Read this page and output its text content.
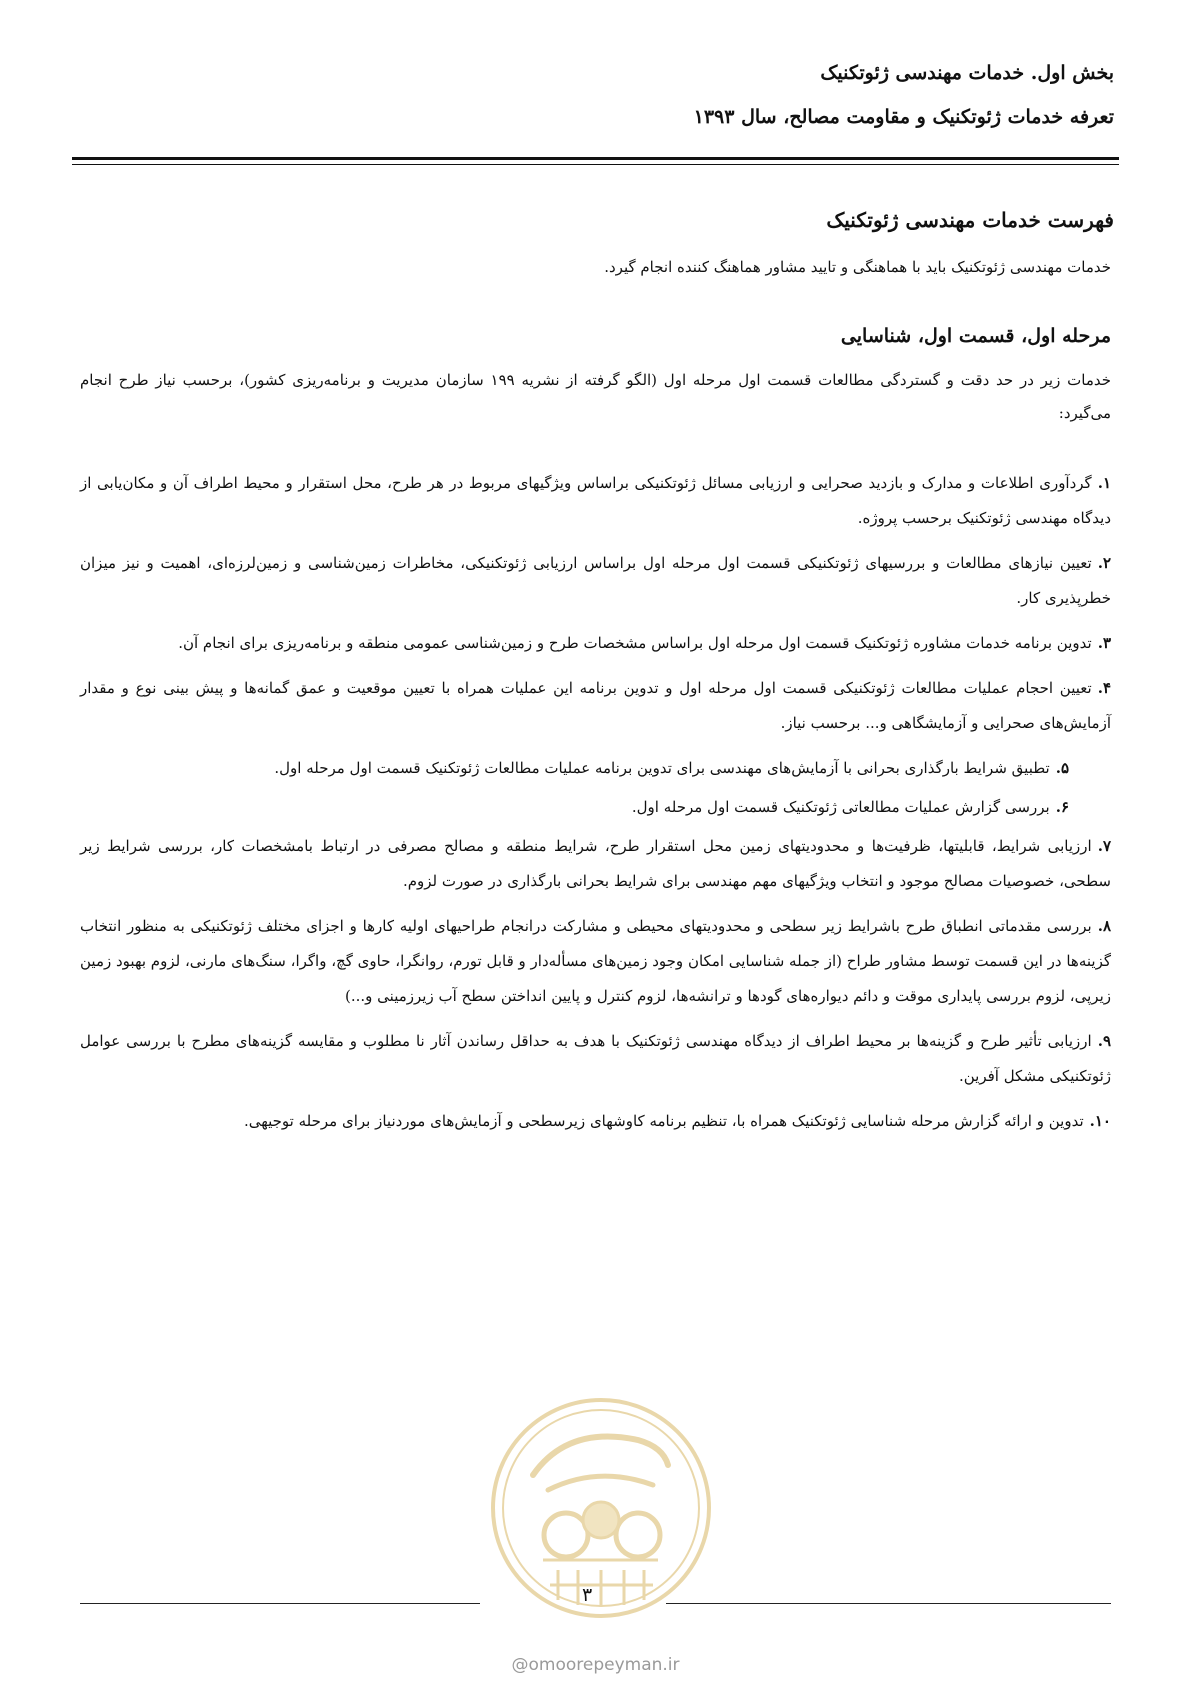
بخش اول. خدمات مهندسی ژئوتکنیک
تعرفه خدمات ژئوتکنیک و مقاومت مصالح، سال ۱۳۹۳
فهرست خدمات مهندسی ژئوتکنیک
خدمات مهندسی ژئوتکنیک باید با هماهنگی و تایید مشاور هماهنگ کننده انجام گیرد.
مرحله اول، قسمت اول، شناسایی
خدمات زیر در حد دقت و گستردگی مطالعات قسمت اول مرحله اول (الگو گرفته از نشریه ۱۹۹ سازمان مدیریت و برنامه‌ریزی کشور)، برحسب نیاز طرح انجام می‌گیرد:
۱.گردآوری اطلاعات و مدارک و بازدید صحرایی و ارزیابی مسائل ژئوتکنیکی براساس ویژگیهای مربوط در هر طرح، محل استقرار و محیط اطراف آن و مکان‌یابی از دیدگاه مهندسی ژئوتکنیک برحسب پروژه.
۲.تعیین نیازهای مطالعات و بررسیهای ژئوتکنیکی قسمت اول مرحله اول براساس ارزیابی ژئوتکنیکی، مخاطرات زمین‌شناسی و زمین‌لرزه‌ای، اهمیت و نیز میزان خطرپذیری کار.
۳.تدوین برنامه خدمات مشاوره ژئوتکنیک قسمت اول مرحله اول براساس مشخصات طرح و زمین‌شناسی عمومی منطقه و برنامه‌ریزی برای انجام آن.
۴.تعیین احجام عملیات مطالعات ژئوتکنیکی قسمت اول مرحله اول و تدوین برنامه این عملیات همراه با تعیین موقعیت و عمق گمانه‌ها و پیش بینی نوع و مقدار آزمایش‌های صحرایی و آزمایشگاهی و... برحسب نیاز.
۵.تطبیق شرایط بارگذاری بحرانی با آزمایش‌های مهندسی برای تدوین برنامه عملیات مطالعات ژئوتکنیک قسمت اول مرحله اول.
۶.بررسی گزارش عملیات مطالعاتی ژئوتکنیک قسمت اول مرحله اول.
۷.ارزیابی شرایط، قابلیتها، ظرفیت‌ها و محدودیتهای زمین محل استقرار طرح، شرایط منطقه و مصالح مصرفی در ارتباط بامشخصات کار، بررسی شرایط زیر سطحی، خصوصیات مصالح موجود و انتخاب ویژگیهای مهم مهندسی برای شرایط بحرانی بارگذاری در صورت لزوم.
۸.بررسی مقدماتی انطباق طرح باشرایط زیر سطحی و محدودیتهای محیطی و مشارکت درانجام طراحیهای اولیه کارها و اجزای مختلف ژئوتکنیکی به منظور انتخاب گزینه‌ها در این قسمت توسط مشاور طراح (از جمله شناسایی امکان وجود زمین‌های مسأله‌دار و قابل تورم، روانگرا، حاوی گچ، واگرا، سنگ‌های مارنی، لزوم بهبود زمین زیرپی، لزوم بررسی پایداری موقت و دائم دیواره‌های گودها و ترانشه‌ها، لزوم کنترل و پایین انداختن سطح آب زیرزمینی و...)
۹.ارزیابی تأثیر طرح و گزینه‌ها بر محیط اطراف از دیدگاه مهندسی ژئوتکنیک با هدف به حداقل رساندن آثار نا مطلوب و مقایسه گزینه‌های مطرح با بررسی عوامل ژئوتکنیکی مشکل آفرین.
۱۰.تدوین و ارائه گزارش مرحله شناسایی ژئوتکنیک همراه با، تنظیم برنامه کاوشهای زیرسطحی و آزمایش‌های موردنیاز برای مرحله توجیهی.
۳
@omoorepeyman.ir
